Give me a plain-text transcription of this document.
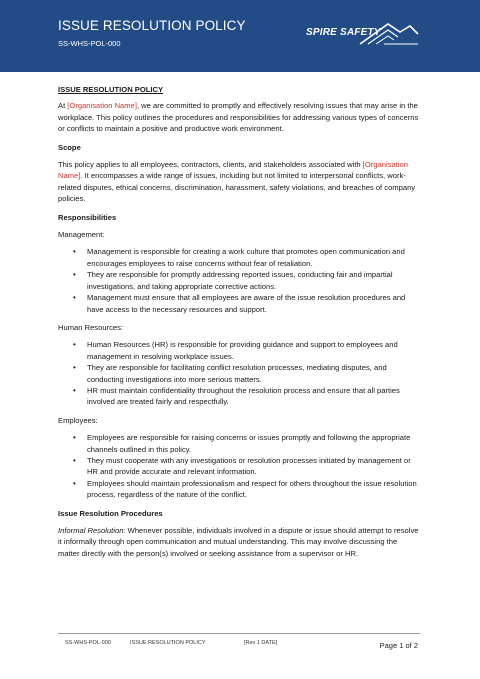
ISSUE RESOLUTION POLICY
SS-WHS-POL-000
SPIRE SAFETY
ISSUE RESOLUTION POLICY

At [Organisation Name], we are committed to promptly and effectively resolving issues that may arise in the workplace. This policy outlines the procedures and responsibilities for addressing various types of concerns or conflicts to maintain a positive and productive work environment.

Scope

This policy applies to all employees, contractors, clients, and stakeholders associated with [Organisation Name]. It encompasses a wide range of issues, including but not limited to interpersonal conflicts, work-related disputes, ethical concerns, discrimination, harassment, safety violations, and breaches of company policies.

Responsibilities
Management:
• Management is responsible for creating a work culture that promotes open communication and encourages employees to raise concerns without fear of retaliation.
• They are responsible for promptly addressing reported issues, conducting fair and impartial investigations, and taking appropriate corrective actions.
• Management must ensure that all employees are aware of the issue resolution procedures and have access to the necessary resources and support.
Human Resources:
• Human Resources (HR) is responsible for providing guidance and support to employees and management in resolving workplace issues.
• They are responsible for facilitating conflict resolution processes, mediating disputes, and conducting investigations into more serious matters.
• HR must maintain confidentiality throughout the resolution process and ensure that all parties involved are treated fairly and respectfully.
Employees:
• Employees are responsible for raising concerns or issues promptly and following the appropriate channels outlined in this policy.
• They must cooperate with any investigations or resolution processes initiated by management or HR and provide accurate and relevant information.
• Employees should maintain professionalism and respect for others throughout the issue resolution process, regardless of the nature of the conflict.
Issue Resolution Procedures

Informal Resolution: Whenever possible, individuals involved in a dispute or issue should attempt to resolve it informally through open communication and mutual understanding. This may involve discussing the matter directly with the person(s) involved or seeking assistance from a supervisor or HR.

SS-WHS-POL-000	ISSUE RESOLUTION POLICY	[Rev 1 DATE]	Page 1 of 2
